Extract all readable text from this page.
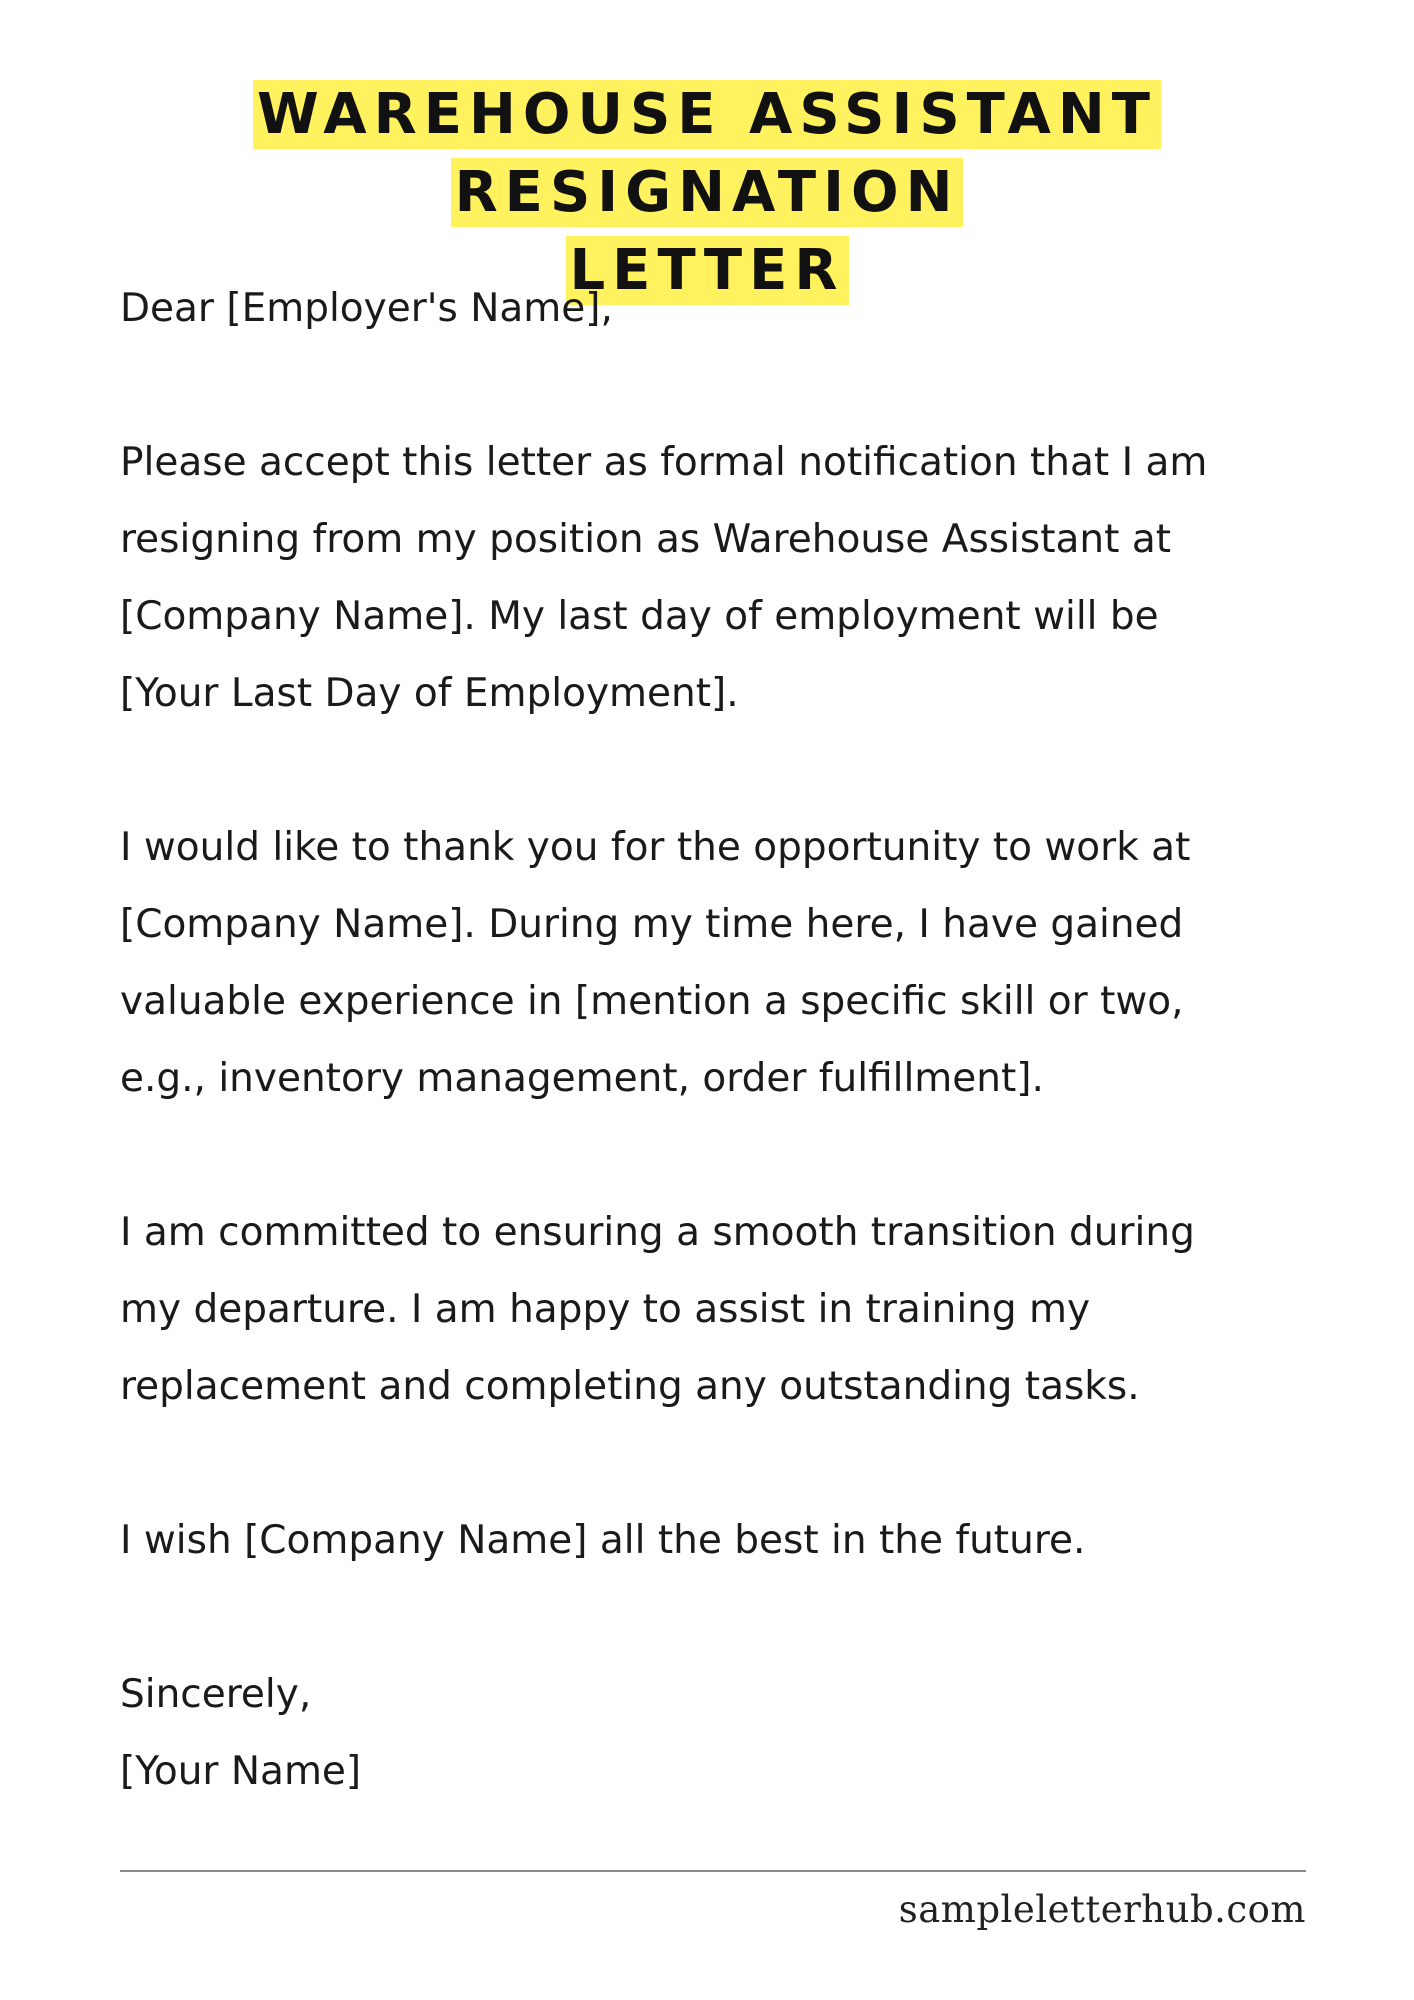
WAREHOUSE ASSISTANT RESIGNATION
LETTER

Dear [Employer's Name],

Please accept this letter as formal notification that I am
resigning from my position as Warehouse Assistant at
[Company Name]. My last day of employment will be
[Your Last Day of Employment].

I would like to thank you for the opportunity to work at
[Company Name]. During my time here, I have gained
valuable experience in [mention a specific skill or two,
e.g., inventory management, order fulfillment].

I am committed to ensuring a smooth transition during
my departure. I am happy to assist in training my
replacement and completing any outstanding tasks.

I wish [Company Name] all the best in the future.

Sincerely,
[Your Name]

sampleletterhub.com
